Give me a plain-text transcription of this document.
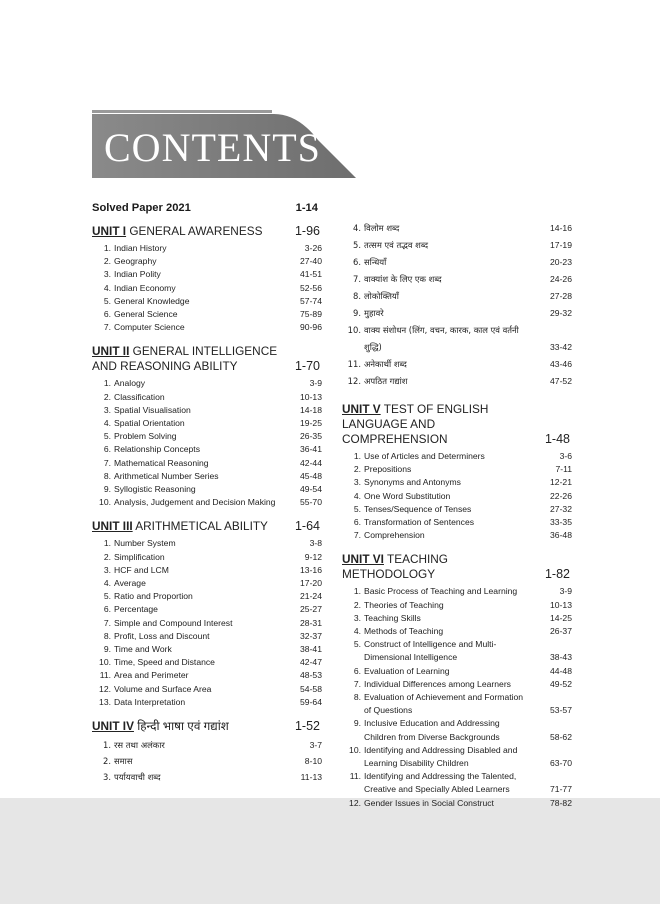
CONTENTS
Solved Paper 2021	1-14
UNIT I GENERAL AWARENESS	1-96
1. Indian History	3-26
2. Geography	27-40
3. Indian Polity	41-51
4. Indian Economy	52-56
5. General Knowledge	57-74
6. General Science	75-89
7. Computer Science	90-96
UNIT II GENERAL INTELLIGENCE AND REASONING ABILITY	1-70
1. Analogy	3-9
2. Classification	10-13
3. Spatial Visualisation	14-18
4. Spatial Orientation	19-25
5. Problem Solving	26-35
6. Relationship Concepts	36-41
7. Mathematical Reasoning	42-44
8. Arithmetical Number Series	45-48
9. Syllogistic Reasoning	49-54
10. Analysis, Judgement and Decision Making	55-70
UNIT III ARITHMETICAL ABILITY	1-64
1. Number System	3-8
2. Simplification	9-12
3. HCF and LCM	13-16
4. Average	17-20
5. Ratio and Proportion	21-24
6. Percentage	25-27
7. Simple and Compound Interest	28-31
8. Profit, Loss and Discount	32-37
9. Time and Work	38-41
10. Time, Speed and Distance	42-47
11. Area and Perimeter	48-53
12. Volume and Surface Area	54-58
13. Data Interpretation	59-64
UNIT IV हिन्दी भाषा एवं गद्यांश	1-52
1. रस तथा अलंकार	3-7
2. समास	8-10
3. पर्यायवाची शब्द	11-13
4. विलोम शब्द	14-16
5. तत्सम एवं तद्भव शब्द	17-19
6. सन्धियाँ	20-23
7. वाक्यांश के लिए एक शब्द	24-26
8. लोकोक्तियाँ	27-28
9. मुहावरे	29-32
10. वाक्य संशोधन (लिंग, वचन, कारक, काल एवं वर्तनी शुद्धि)	33-42
11. अनेकार्थी शब्द	43-46
12. अपठित गद्यांश	47-52
UNIT V TEST OF ENGLISH LANGUAGE AND COMPREHENSION	1-48
1. Use of Articles and Determiners	3-6
2. Prepositions	7-11
3. Synonyms and Antonyms	12-21
4. One Word Substitution	22-26
5. Tenses/Sequence of Tenses	27-32
6. Transformation of Sentences	33-35
7. Comprehension	36-48
UNIT VI TEACHING METHODOLOGY	1-82
1. Basic Process of Teaching and Learning	3-9
2. Theories of Teaching	10-13
3. Teaching Skills	14-25
4. Methods of Teaching	26-37
5. Construct of Intelligence and Multi-Dimensional Intelligence	38-43
6. Evaluation of Learning	44-48
7. Individual Differences among Learners	49-52
8. Evaluation of Achievement and Formation of Questions	53-57
9. Inclusive Education and Addressing Children from Diverse Backgrounds	58-62
10. Identifying and Addressing Disabled and Learning Disability Children	63-70
11. Identifying and Addressing the Talented, Creative and Specially Abled Learners	71-77
12. Gender Issues in Social Construct	78-82
